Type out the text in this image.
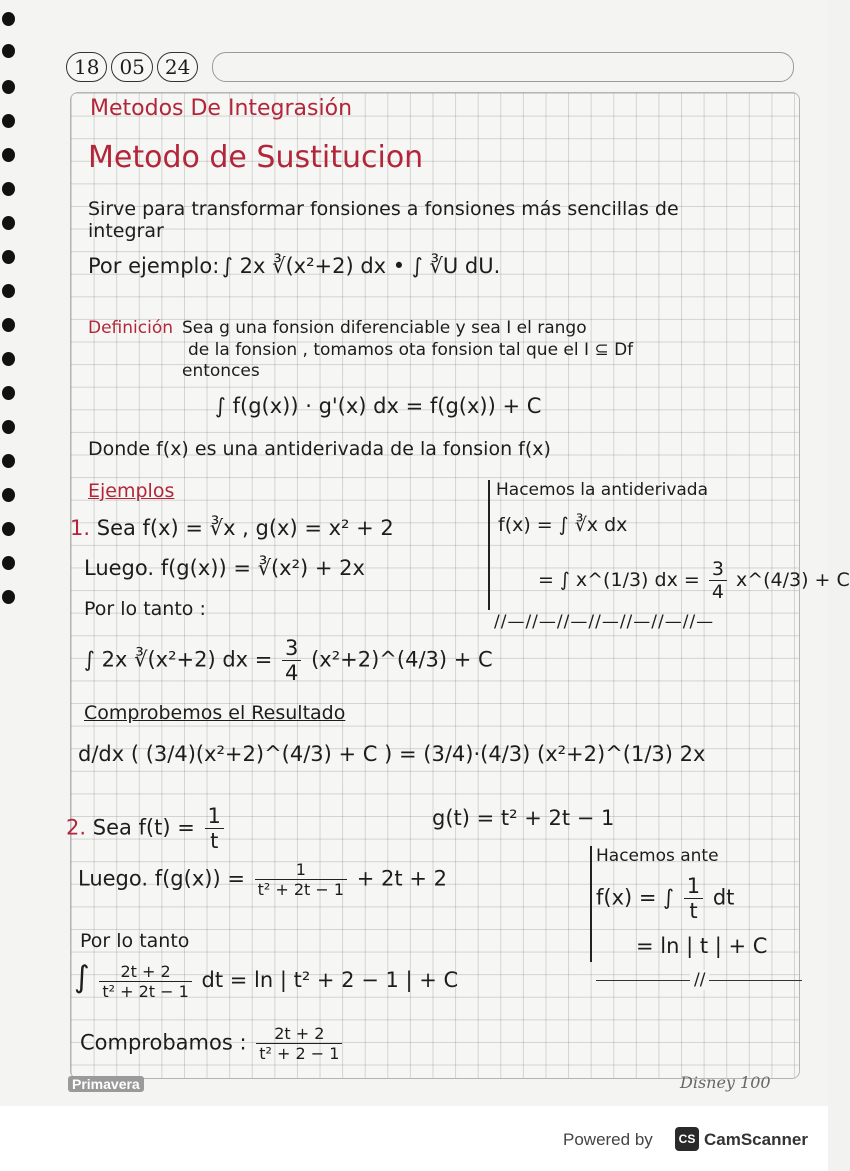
18	05	24
Metodos De Integrasión
Metodo de Sustitucion
Sirve para transformar fonsiones a fonsiones más sencillas de
integrar
Por ejemplo: ∫ 2x ∛(x²+2) dx • ∫ ∛U dU.
Definición Sea g una fonsion diferenciable y sea I el rango
de la fonsion , tomamos ota fonsion tal que el I ⊆ Df
entonces
∫ f(g(x)) · g'(x) dx = f(g(x)) + C
Donde f(x) es una antiderivada de la fonsion f(x)
Ejemplos	Hacemos la antiderivada
f(x) = ∫ ∛x dx
= ∫ x^(1/3) dx = $\frac{3}{4}$ x^(4/3) + C
//—//—//—//—//—//—//—
1. Sea f(x) = ∛x , g(x) = x² + 2
Luego. f(g(x)) = ∛(x²) + 2x
Por lo tanto :
∫ 2x ∛(x²+2) dx = $\frac{3}{4}$ (x²+2)^(4/3) + C
Comprobemos el Resultado
d/dx ( (3/4)(x²+2)^(4/3) + C ) = (3/4)·(4/3) (x²+2)^(1/3) 2x
2. Sea $f(t) = \frac{1}{t}$	g(t) = t² + 2t − 1
Hacemos ante
f(x) = ∫ $\frac{1}{t}$ dt
= ln | t | + C
//
Luego. $f(g(x)) = \frac{1}{\text{t² + 2t − 1}} + 2t + 2$
Por lo tanto
∫ $\frac{2t + 2}{\text{t² + 2t − 1}}$ dt = ln | t² + 2 − 1 | + C
Comprobamos : $\frac{2t + 2}{\text{t² + 2 − 1}}$
Primavera	Disney 100
Powered by	CS CamScanner
